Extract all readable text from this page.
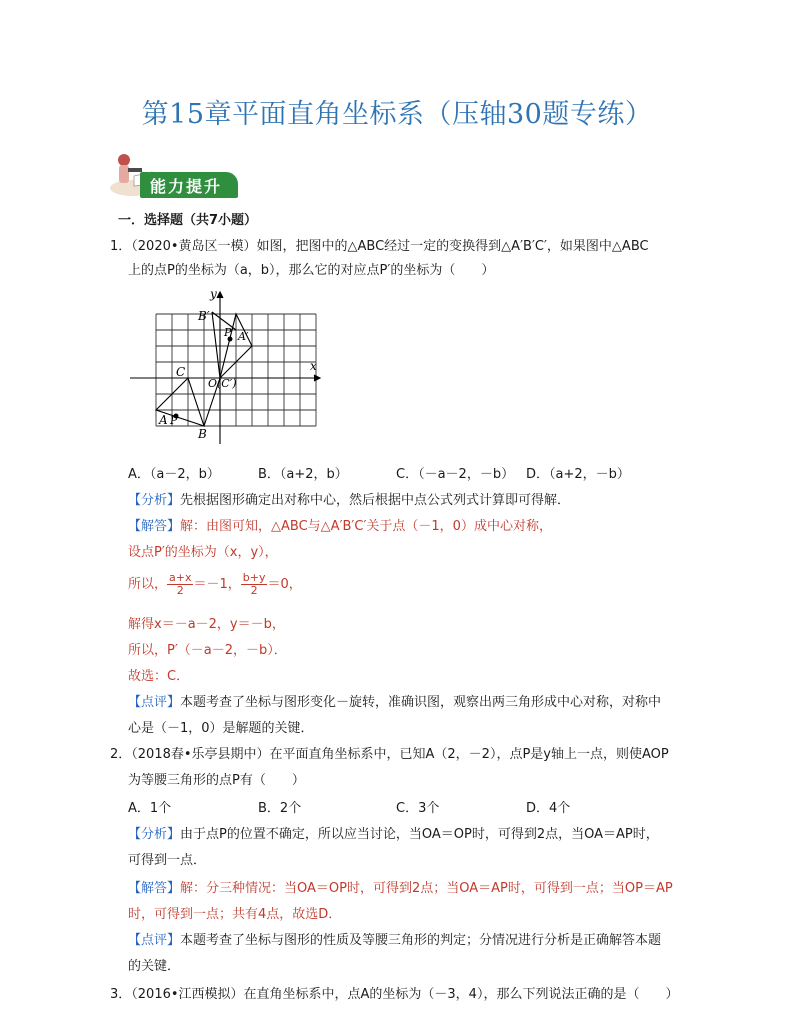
第15章平面直角坐标系（压轴30题专练）
能力提升
一．选择题（共7小题）
1．（2020•黄岛区一模）如图，把图中的△ABC经过一定的变换得到△A′B′C′，如果图中△ABC
上的点P的坐标为（a，b），那么它的对应点P′的坐标为（　　）
y
x
B′
P′ A′
C
O(C′)
A P
B
A．（a－2，b）	B．（a+2，b）	C．（－a－2，－b） D．（a+2，－b）
【分析】先根据图形确定出对称中心，然后根据中点公式列式计算即可得解．
【解答】解：由图可知，△ABC与△A′B′C′关于点（－1，0）成中心对称，
设点P′的坐标为（x，y），
所以， $\frac{a+x}{2} =-1$， $\frac{b+y}{2} =0$，
解得x＝－a－2，y＝－b，
所以，P′（－a－2，－b）．
故选：C．
【点评】本题考查了坐标与图形变化－旋转，准确识图，观察出两三角形成中心对称，对称中
心是（－1，0）是解题的关键．
2．（2018春•乐亭县期中）在平面直角坐标系中，已知A（2，－2），点P是y轴上一点，则使AOP
为等腰三角形的点P有（　　）
A．1个	B．2个	C．3个	D．4个
【分析】由于点P的位置不确定，所以应当讨论，当OA＝OP时，可得到2点，当OA＝AP时，
可得到一点．
【解答】解：分三种情况：当OA＝OP时，可得到2点；当OA＝AP时，可得到一点；当OP＝AP
时，可得到一点；共有4点，故选D．
【点评】本题考查了坐标与图形的性质及等腰三角形的判定；分情况进行分析是正确解答本题
的关键．
3．（2016•江西模拟）在直角坐标系中，点A的坐标为（－3，4），那么下列说法正确的是（　　）
